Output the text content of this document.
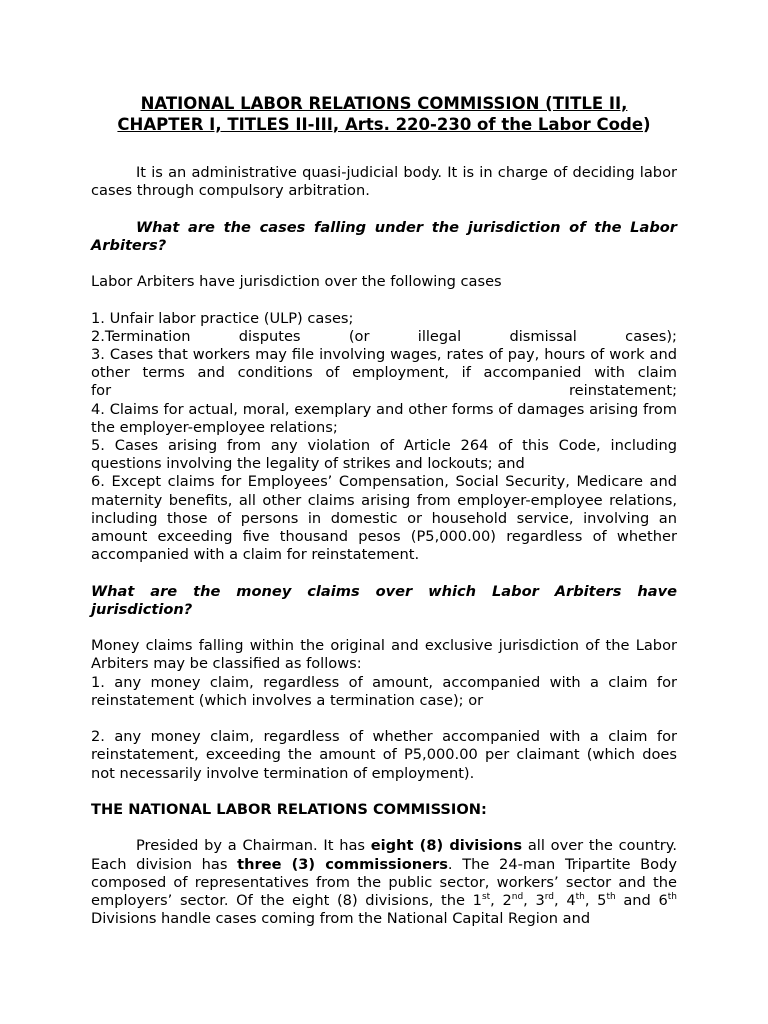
NATIONAL LABOR RELATIONS COMMISSION (TITLE II,
CHAPTER I, TITLES II-III, Arts. 220-230 of the Labor Code)

It is an administrative quasi-judicial body. It is in charge of deciding labor cases through compulsory arbitration.

What are the cases falling under the jurisdiction of the Labor Arbiters?

Labor Arbiters have jurisdiction over the following cases

1. Unfair labor practice (ULP) cases;

2.Termination	disputes	(or	illegal	dismissal	cases);

3. Cases that workers may file involving wages, rates of pay, hours of work and other terms and conditions of employment, if accompanied with claim

for	reinstatement;

4. Claims for actual, moral, exemplary and other forms of damages arising from the employer-employee relations;

5. Cases arising from any violation of Article 264 of this Code, including questions involving the legality of strikes and lockouts; and

6. Except claims for Employees’ Compensation, Social Security, Medicare and maternity benefits, all other claims arising from employer-employee relations, including those of persons in domestic or household service, involving an amount exceeding five thousand pesos (P5,000.00) regardless of whether accompanied with a claim for reinstatement.

What are the money claims over which Labor Arbiters have jurisdiction?

Money claims falling within the original and exclusive jurisdiction of the Labor Arbiters may be classified as follows:

1. any money claim, regardless of amount, accompanied with a claim for reinstatement (which involves a termination case); or

2. any money claim, regardless of whether accompanied with a claim for reinstatement, exceeding the amount of P5,000.00 per claimant (which does not necessarily involve termination of employment).

THE NATIONAL LABOR RELATIONS COMMISSION:

Presided by a Chairman. It has eight (8) divisions all over the country. Each division has three (3) commissioners. The 24-man Tripartite Body composed of representatives from the public sector, workers’ sector and the employers’ sector. Of the eight (8) divisions, the 1st, 2nd, 3rd, 4th, 5th and 6th Divisions handle cases coming from the National Capital Region and
